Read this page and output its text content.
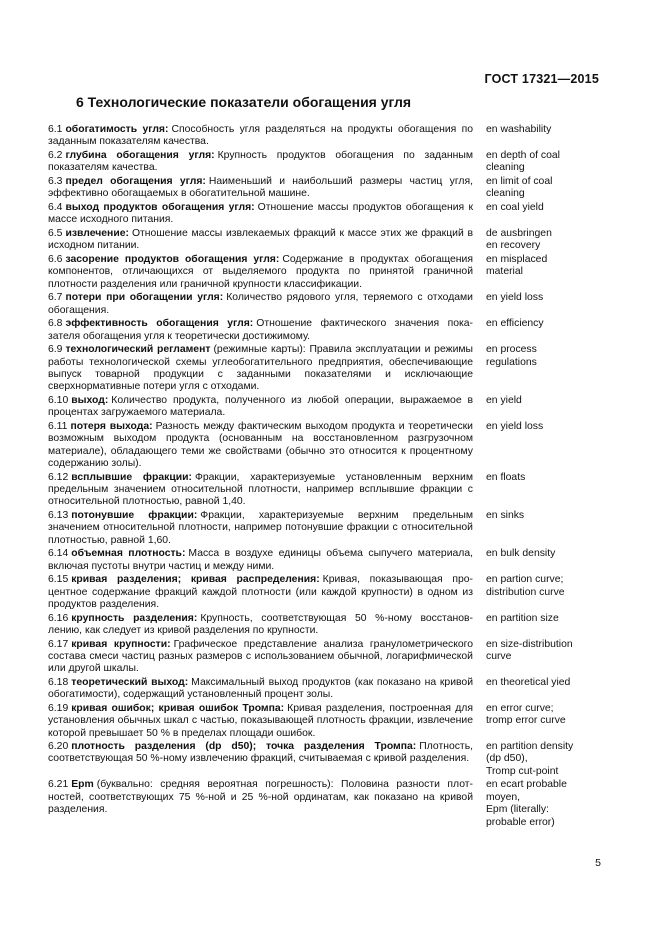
ГОСТ 17321—2015
6 Технологические показатели обогащения угля
6.1 обогатимость угля: Способность угля разделяться на продукты обогащения по заданным показателям качества.
en washability
6.2 глубина обогащения угля: Крупность продуктов обогащения по заданным показателям качества.
en depth of coal
cleaning
6.3 предел обогащения угля: Наименьший и наибольший размеры частиц угля, эффективно обогащаемых в обогатительной машине.
en limit of coal
cleaning
6.4 выход продуктов обогащения угля: Отношение массы продуктов обогащения к массе исходного питания.
en coal yield
6.5 извлечение: Отношение массы извлекаемых фракций к массе этих же фракций в исходном питании.
de ausbringen
en recovery
6.6 засорение продуктов обогащения угля: Содержание в продуктах обогащения компонентов, отличающихся от выделяемого продукта по принятой граничной плотности разделения или граничной крупности классификации.
en misplaced
material
6.7 потери при обогащении угля: Количество рядового угля, теряемого с отходами обогащения.
en yield loss
6.8 эффективность обогащения угля: Отношение фактического значения показателя обогащения угля к теоретически достижимому.
en efficiency
6.9 технологический регламент (режимные карты): Правила эксплуатации и режимы работы технологической схемы углеобогатительного предприятия, обеспечивающие выпуск товарной продукции с заданными показателями и исключающие сверхнормативные потери угля с отходами.
en process
regulations
6.10 выход: Количество продукта, полученного из любой операции, выражаемое в процентах загружаемого материала.
en yield
6.11 потеря выхода: Разность между фактическим выходом продукта и теоретически возможным выходом продукта (основанным на восстановленном разгрузочном материале), обладающего теми же свойствами (обычно это относится к процентному содержанию золы).
en yield loss
6.12 всплывшие фракции: Фракции, характеризуемые установленным верхним предельным значением относительной плотности, например всплывшие фракции с относительной плотностью, равной 1,40.
en floats
6.13 потонувшие фракции: Фракции, характеризуемые верхним предельным значением относительной плотности, например потонувшие фракции с относительной плотностью, равной 1,60.
en sinks
6.14 объемная плотность: Масса в воздухе единицы объема сыпучего материала, включая пустоты внутри частиц и между ними.
en bulk density
6.15 кривая разделения; кривая распределения: Кривая, показывающая процентное содержание фракций каждой плотности (или каждой крупности) в одном из продуктов разделения.
en partion curve;
distribution curve
6.16 крупность разделения: Крупность, соответствующая 50 %-ному восстановлению, как следует из кривой разделения по крупности.
en partition size
6.17 кривая крупности: Графическое представление анализа гранулометрического состава смеси частиц разных размеров с использованием обычной, логарифмической или другой шкалы.
en size-distribution
curve
6.18 теоретический выход: Максимальный выход продуктов (как показано на кривой обогатимости), содержащий установленный процент золы.
en theoretical yied
6.19 кривая ошибок; кривая ошибок Тромпа: Кривая разделения, построенная для установления обычных шкал с частью, показывающей плотность фракции, извлечение которой превышает 50 % в пределах площади ошибок.
en error curve;
tromp error curve
6.20 плотность разделения (dp d50); точка разделения Тромпа: Плотность, соответствующая 50 %-ному извлечению фракций, считываемая с кривой разделения.
en partition density
(dp d50),
Tromp cut-point
6.21 Epm (буквально: средняя вероятная погрешность): Половина разности плотностей, соответствующих 75 %-ной и 25 %-ной ординатам, как показано на кривой разделения.
en ecart probable
moyen,
Epm (literally:
probable error)
5
